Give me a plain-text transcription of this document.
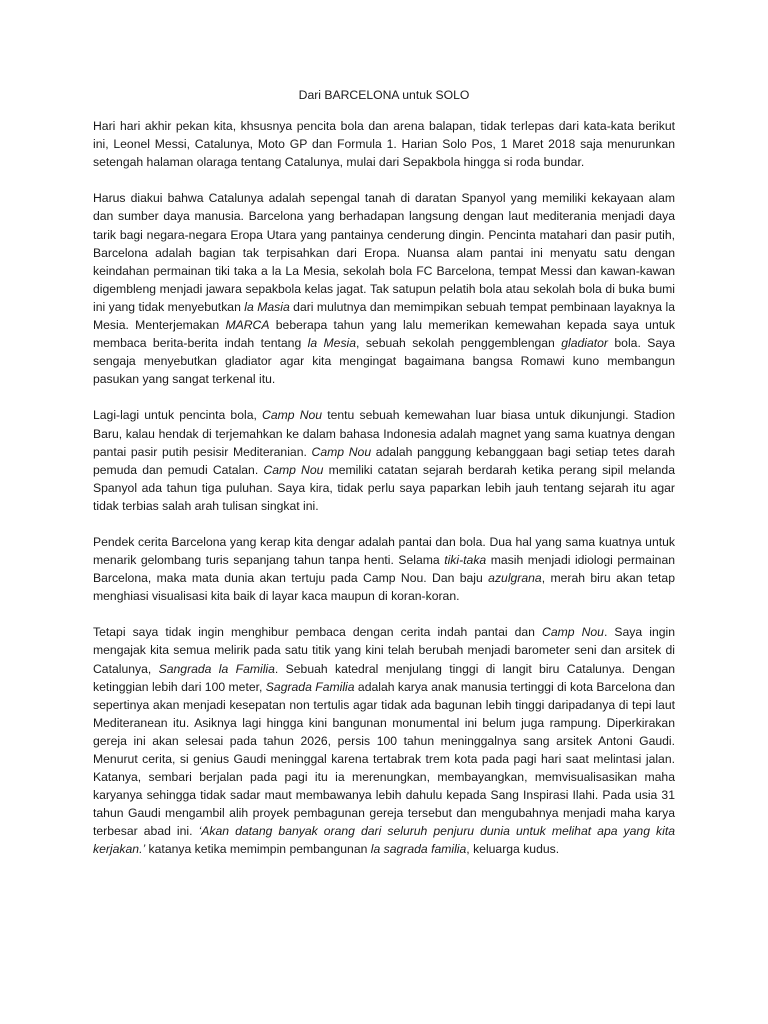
Dari BARCELONA untuk SOLO
Hari hari akhir pekan kita, khsusnya pencita bola dan arena balapan, tidak terlepas dari kata-kata berikut ini, Leonel Messi, Catalunya, Moto GP dan Formula 1. Harian Solo Pos, 1 Maret 2018 saja menurunkan setengah halaman olaraga tentang Catalunya, mulai dari Sepakbola hingga si roda bundar.
Harus diakui bahwa Catalunya adalah sepengal tanah di daratan Spanyol yang memiliki kekayaan alam dan sumber daya manusia. Barcelona yang berhadapan langsung dengan laut mediterania menjadi daya tarik bagi negara-negara Eropa Utara yang pantainya cenderung dingin. Pencinta matahari dan pasir putih, Barcelona adalah bagian tak terpisahkan dari Eropa. Nuansa alam pantai ini menyatu satu dengan keindahan permainan tiki taka a la La Mesia, sekolah bola FC Barcelona, tempat Messi dan kawan-kawan digembleng menjadi jawara sepakbola kelas jagat. Tak satupun pelatih bola atau sekolah bola di buka bumi ini yang tidak menyebutkan la Masia dari mulutnya dan memimpikan sebuah tempat pembinaan layaknya la Mesia. Menterjemakan MARCA beberapa tahun yang lalu memerikan kemewahan kepada saya untuk membaca berita-berita indah tentang la Mesia, sebuah sekolah penggemblengan gladiator bola. Saya sengaja menyebutkan gladiator agar kita mengingat bagaimana bangsa Romawi kuno membangun pasukan yang sangat terkenal itu.
Lagi-lagi untuk pencinta bola, Camp Nou tentu sebuah kemewahan luar biasa untuk dikunjungi. Stadion Baru, kalau hendak di terjemahkan ke dalam bahasa Indonesia adalah magnet yang sama kuatnya dengan pantai pasir putih pesisir Mediteranian. Camp Nou adalah panggung kebanggaan bagi setiap tetes darah pemuda dan pemudi Catalan. Camp Nou memiliki catatan sejarah berdarah ketika perang sipil melanda Spanyol ada tahun tiga puluhan. Saya kira, tidak perlu saya paparkan lebih jauh tentang sejarah itu agar tidak terbias salah arah tulisan singkat ini.
Pendek cerita Barcelona yang kerap kita dengar adalah pantai dan bola. Dua hal yang sama kuatnya untuk menarik gelombang turis sepanjang tahun tanpa henti. Selama tiki-taka masih menjadi idiologi permainan Barcelona, maka mata dunia akan tertuju pada Camp Nou. Dan baju azulgrana, merah biru akan tetap menghiasi visualisasi kita baik di layar kaca maupun di koran-koran.
Tetapi saya tidak ingin menghibur pembaca dengan cerita indah pantai dan Camp Nou. Saya ingin mengajak kita semua melirik pada satu titik yang kini telah berubah menjadi barometer seni dan arsitek di Catalunya, Sangrada la Familia. Sebuah katedral menjulang tinggi di langit biru Catalunya. Dengan ketinggian lebih dari 100 meter, Sagrada Familia adalah karya anak manusia tertinggi di kota Barcelona dan sepertinya akan menjadi kesepatan non tertulis agar tidak ada bagunan lebih tinggi daripadanya di tepi laut Mediteranean itu. Asiknya lagi hingga kini bangunan monumental ini belum juga rampung. Diperkirakan gereja ini akan selesai pada tahun 2026, persis 100 tahun meninggalnya sang arsitek Antoni Gaudi. Menurut cerita, si genius Gaudi meninggal karena tertabrak trem kota pada pagi hari saat melintasi jalan. Katanya, sembari berjalan pada pagi itu ia merenungkan, membayangkan, memvisualisasikan maha karyanya sehingga tidak sadar maut membawanya lebih dahulu kepada Sang Inspirasi Ilahi. Pada usia 31 tahun Gaudi mengambil alih proyek pembagunan gereja tersebut dan mengubahnya menjadi maha karya terbesar abad ini. ‘Akan datang banyak orang dari seluruh penjuru dunia untuk melihat apa yang kita kerjakan.’ katanya ketika memimpin pembangunan la sagrada familia, keluarga kudus.
